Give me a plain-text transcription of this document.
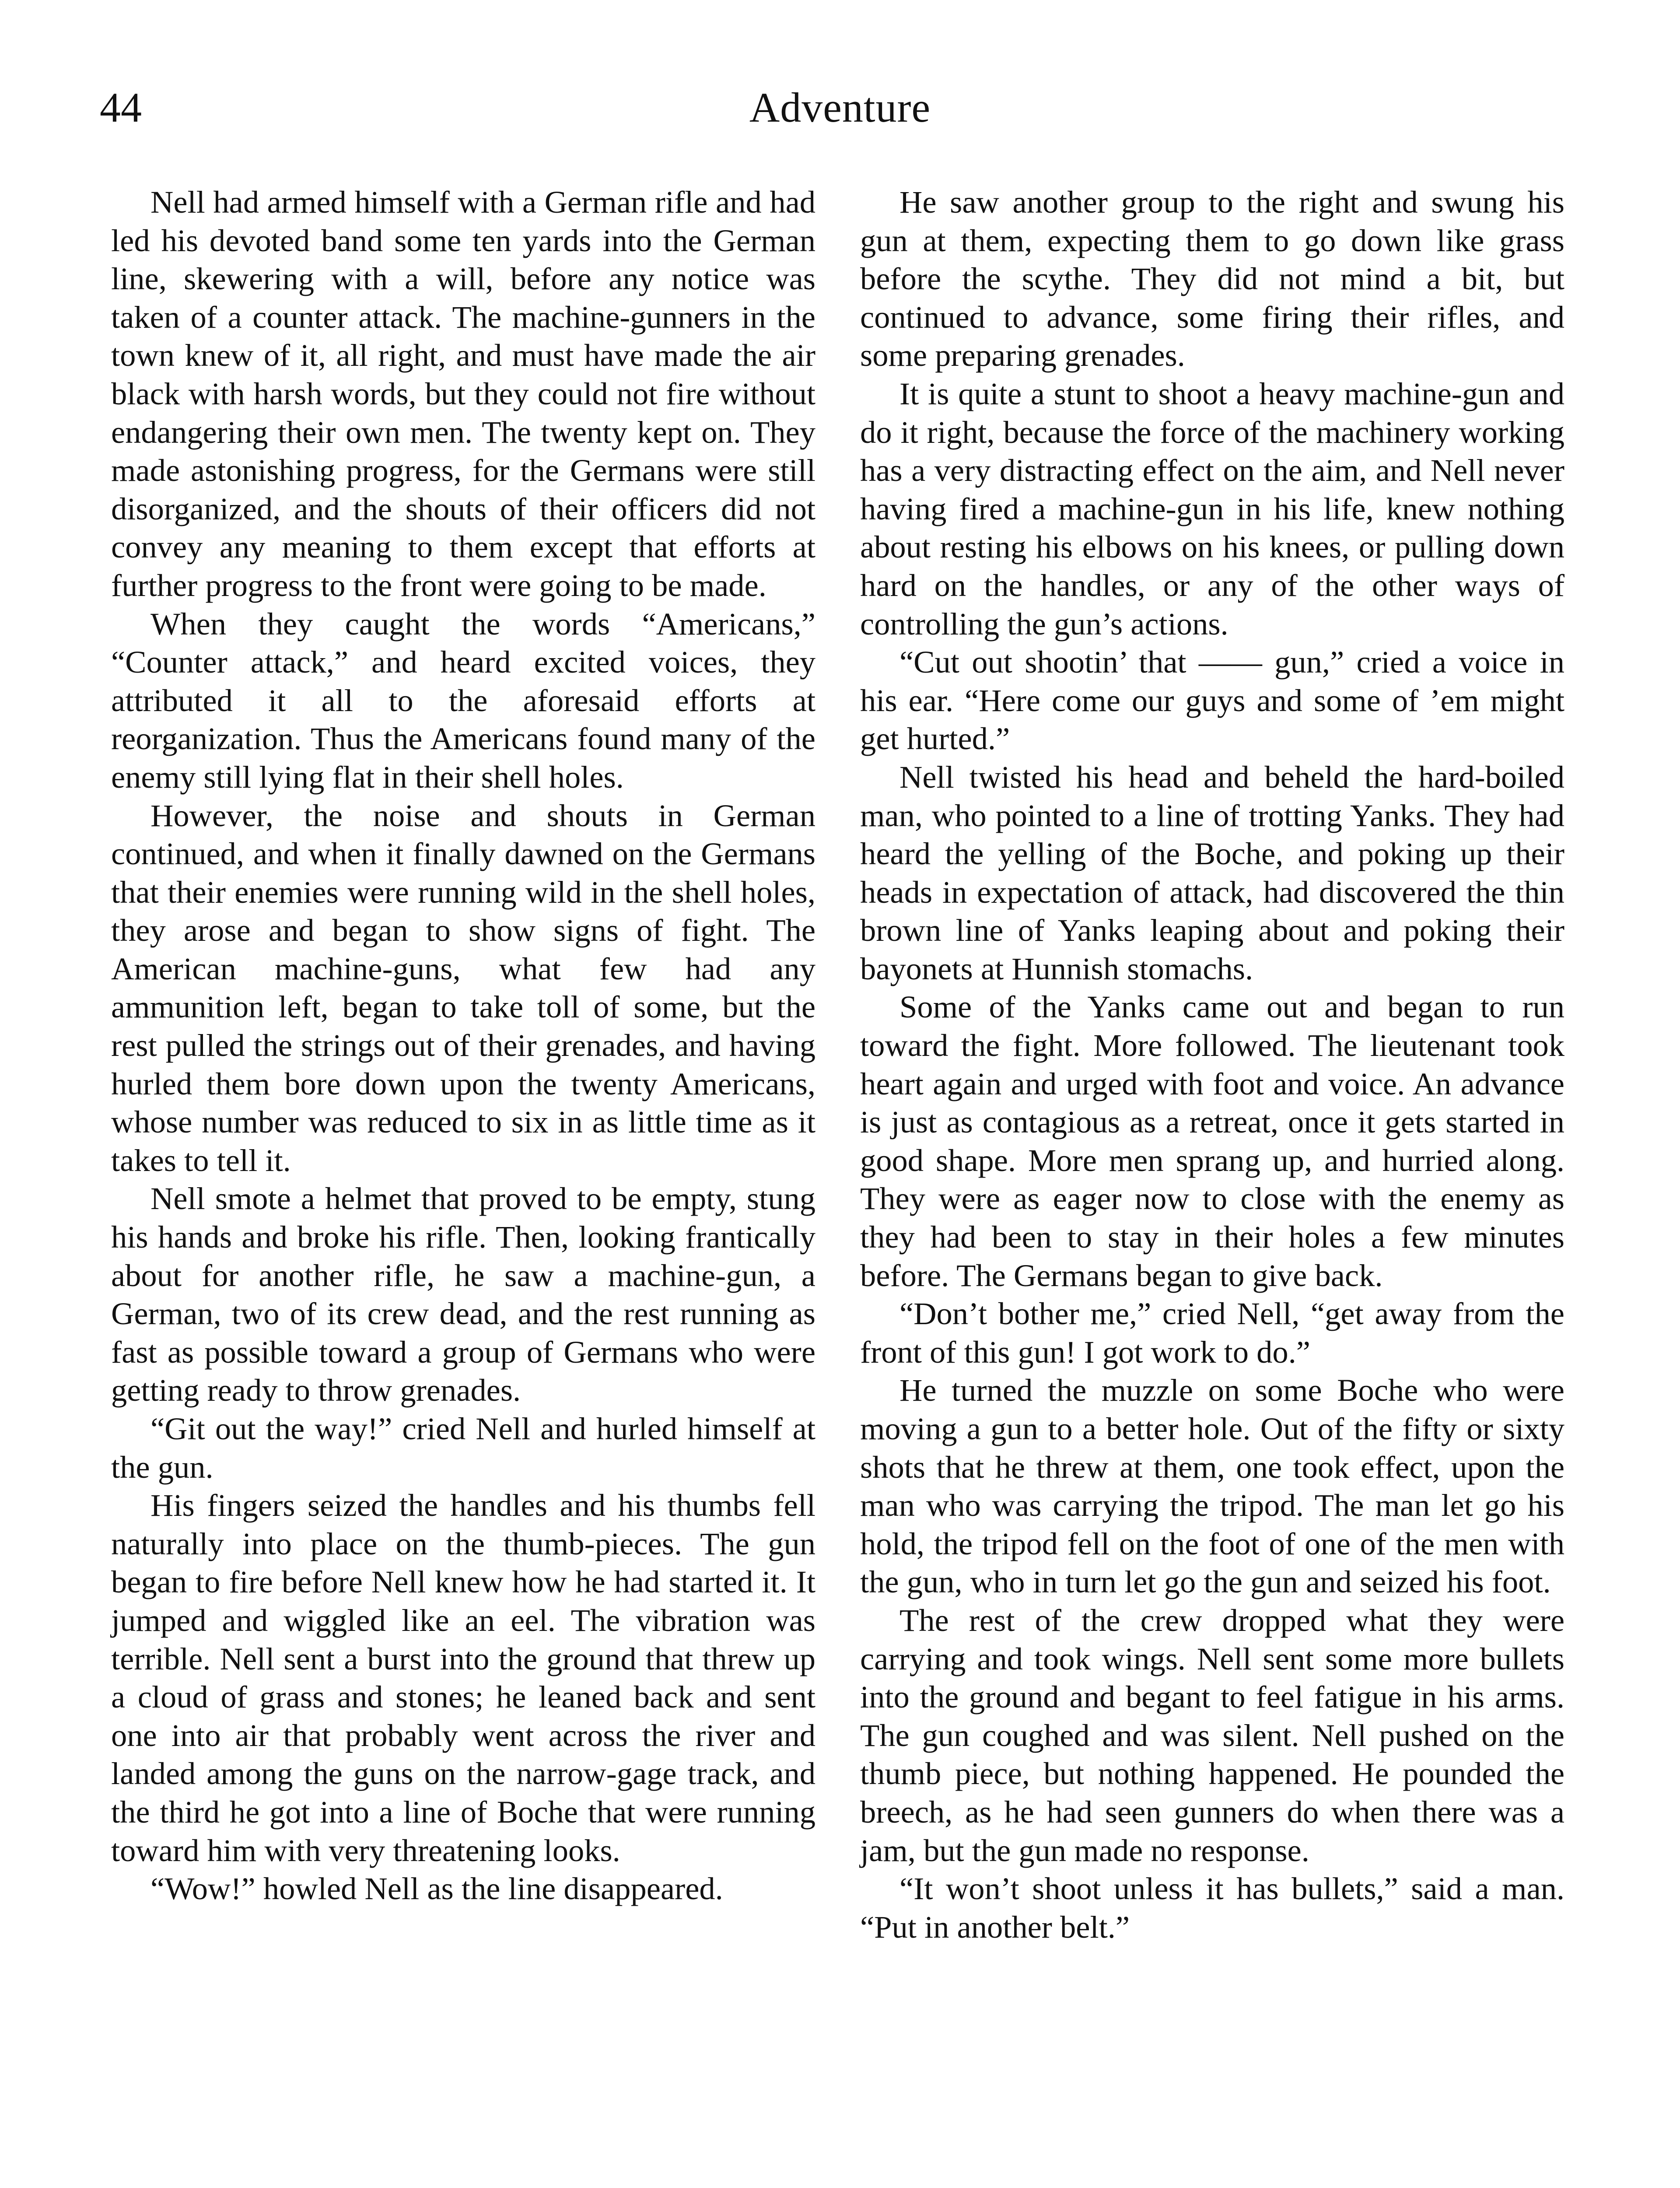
44	Adventure

Nell had armed himself with a German rifle and had led his devoted band some ten yards into the German line, skewering with a will, before any notice was taken of a counter attack. The machine-gunners in the town knew of it, all right, and must have made the air black with harsh words, but they could not fire without endangering their own men. The twenty kept on. They made astonishing progress, for the Germans were still disorganized, and the shouts of their officers did not convey any meaning to them except that efforts at further progress to the front were going to be made.

When they caught the words “Americans,” “Counter attack,” and heard excited voices, they attributed it all to the aforesaid efforts at reorganization. Thus the Americans found many of the enemy still lying flat in their shell holes.

However, the noise and shouts in German continued, and when it finally dawned on the Germans that their enemies were running wild in the shell holes, they arose and began to show signs of fight. The American machine-guns, what few had any ammunition left, began to take toll of some, but the rest pulled the strings out of their grenades, and having hurled them bore down upon the twenty Americans, whose number was reduced to six in as little time as it takes to tell it.

Nell smote a helmet that proved to be empty, stung his hands and broke his rifle. Then, looking frantically about for another rifle, he saw a machine-gun, a German, two of its crew dead, and the rest running as fast as possible toward a group of Germans who were getting ready to throw grenades.

“Git out the way!” cried Nell and hurled himself at the gun.

His fingers seized the handles and his thumbs fell naturally into place on the thumb-pieces. The gun began to fire before Nell knew how he had started it. It jumped and wiggled like an eel. The vibration was terrible. Nell sent a burst into the ground that threw up a cloud of grass and stones; he leaned back and sent one into air that probably went across the river and landed among the guns on the narrow-gage track, and the third he got into a line of Boche that were running toward him with very threatening looks.

“Wow!” howled Nell as the line disappeared.

He saw another group to the right and swung his gun at them, expecting them to go down like grass before the scythe. They did not mind a bit, but continued to advance, some firing their rifles, and some preparing grenades.

It is quite a stunt to shoot a heavy machine-gun and do it right, because the force of the machinery working has a very distracting effect on the aim, and Nell never having fired a machine-gun in his life, knew nothing about resting his elbows on his knees, or pulling down hard on the handles, or any of the other ways of controlling the gun’s actions.

“Cut out shootin’ that —— gun,” cried a voice in his ear. “Here come our guys and some of ’em might get hurted.”

Nell twisted his head and beheld the hard-boiled man, who pointed to a line of trotting Yanks. They had heard the yelling of the Boche, and poking up their heads in expectation of attack, had discovered the thin brown line of Yanks leaping about and poking their bayonets at Hunnish stomachs.

Some of the Yanks came out and began to run toward the fight. More followed. The lieutenant took heart again and urged with foot and voice. An advance is just as contagious as a retreat, once it gets started in good shape. More men sprang up, and hurried along. They were as eager now to close with the enemy as they had been to stay in their holes a few minutes before. The Germans began to give back.

“Don’t bother me,” cried Nell, “get away from the front of this gun! I got work to do.”

He turned the muzzle on some Boche who were moving a gun to a better hole. Out of the fifty or sixty shots that he threw at them, one took effect, upon the man who was carrying the tripod. The man let go his hold, the tripod fell on the foot of one of the men with the gun, who in turn let go the gun and seized his foot.

The rest of the crew dropped what they were carrying and took wings. Nell sent some more bullets into the ground and begant to feel fatigue in his arms. The gun coughed and was silent. Nell pushed on the thumb piece, but nothing happened. He pounded the breech, as he had seen gunners do when there was a jam, but the gun made no response.

“It won’t shoot unless it has bullets,” said a man. “Put in another belt.”
